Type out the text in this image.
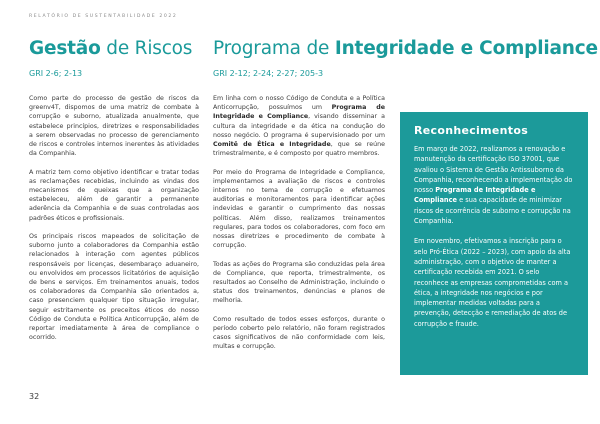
RELATÓRIO DE SUSTENTABILIDADE 2022
Gestão de Riscos
GRI 2-6; 2-13

Como parte do processo de gestão de riscos da greenv4T, dispomos de uma matriz de combate à corrupção e suborno, atualizada anualmente, que estabelece princípios, diretrizes e responsabilidades a serem observadas no processo de gerenciamento de riscos e controles internos inerentes às atividades da Companhia.

A matriz tem como objetivo identificar e tratar todas as reclamações recebidas, incluindo as vindas dos mecanismos de queixas que a organização estabeleceu, além de garantir a permanente aderência da Companhia e de suas controladas aos padrões éticos e profissionais.

Os principais riscos mapeados de solicitação de suborno junto a colaboradores da Companhia estão relacionados à interação com agentes públicos responsáveis por licenças, desembaraço aduaneiro, ou envolvidos em processos licitatórios de aquisição de bens e serviços. Em treinamentos anuais, todos os colaboradores da Companhia são orientados a, caso presenciem qualquer tipo situação irregular, seguir estritamente os preceitos éticos do nosso Código de Conduta e Política Anticorrupção, além de reportar imediatamente à área de compliance o ocorrido.

Programa de Integridade e Compliance
GRI 2-12; 2-24; 2-27; 205-3

Em linha com o nosso Código de Conduta e a Política Anticorrupção, possuímos um Programa de Integridade e Compliance, visando disseminar a cultura da integridade e da ética na condução do nosso negócio. O programa é supervisionado por um Comitê de Ética e Integridade, que se reúne trimestralmente, e é composto por quatro membros.

Por meio do Programa de Integridade e Compliance, implementamos a avaliação de riscos e controles internos no tema de corrupção e efetuamos auditorias e monitoramentos para identificar ações indevidas e garantir o cumprimento das nossas políticas. Além disso, realizamos treinamentos regulares, para todos os colaboradores, com foco em nossas diretrizes e procedimento de combate à corrupção.

Todas as ações do Programa são conduzidas pela área de Compliance, que reporta, trimestralmente, os resultados ao Conselho de Administração, incluindo o status dos treinamentos, denúncias e planos de melhoria.

Como resultado de todos esses esforços, durante o período coberto pelo relatório, não foram registrados casos significativos de não conformidade com leis, multas e corrupção.

Reconhecimentos

Em março de 2022, realizamos a renovação e manutenção da certificação ISO 37001, que avaliou o Sistema de Gestão Antissuborno da Companhia, reconhecendo a implementação do nosso Programa de Integridade e Compliance e sua capacidade de minimizar riscos de ocorrência de suborno e corrupção na Companhia.

Em novembro, efetivamos a inscrição para o selo Pró-Ética (2022 – 2023), com apoio da alta administração, com o objetivo de manter a certificação recebida em 2021. O selo reconhece as empresas comprometidas com a ética, a integridade nos negócios e por implementar medidas voltadas para a prevenção, detecção e remediação de atos de corrupção e fraude.

32
